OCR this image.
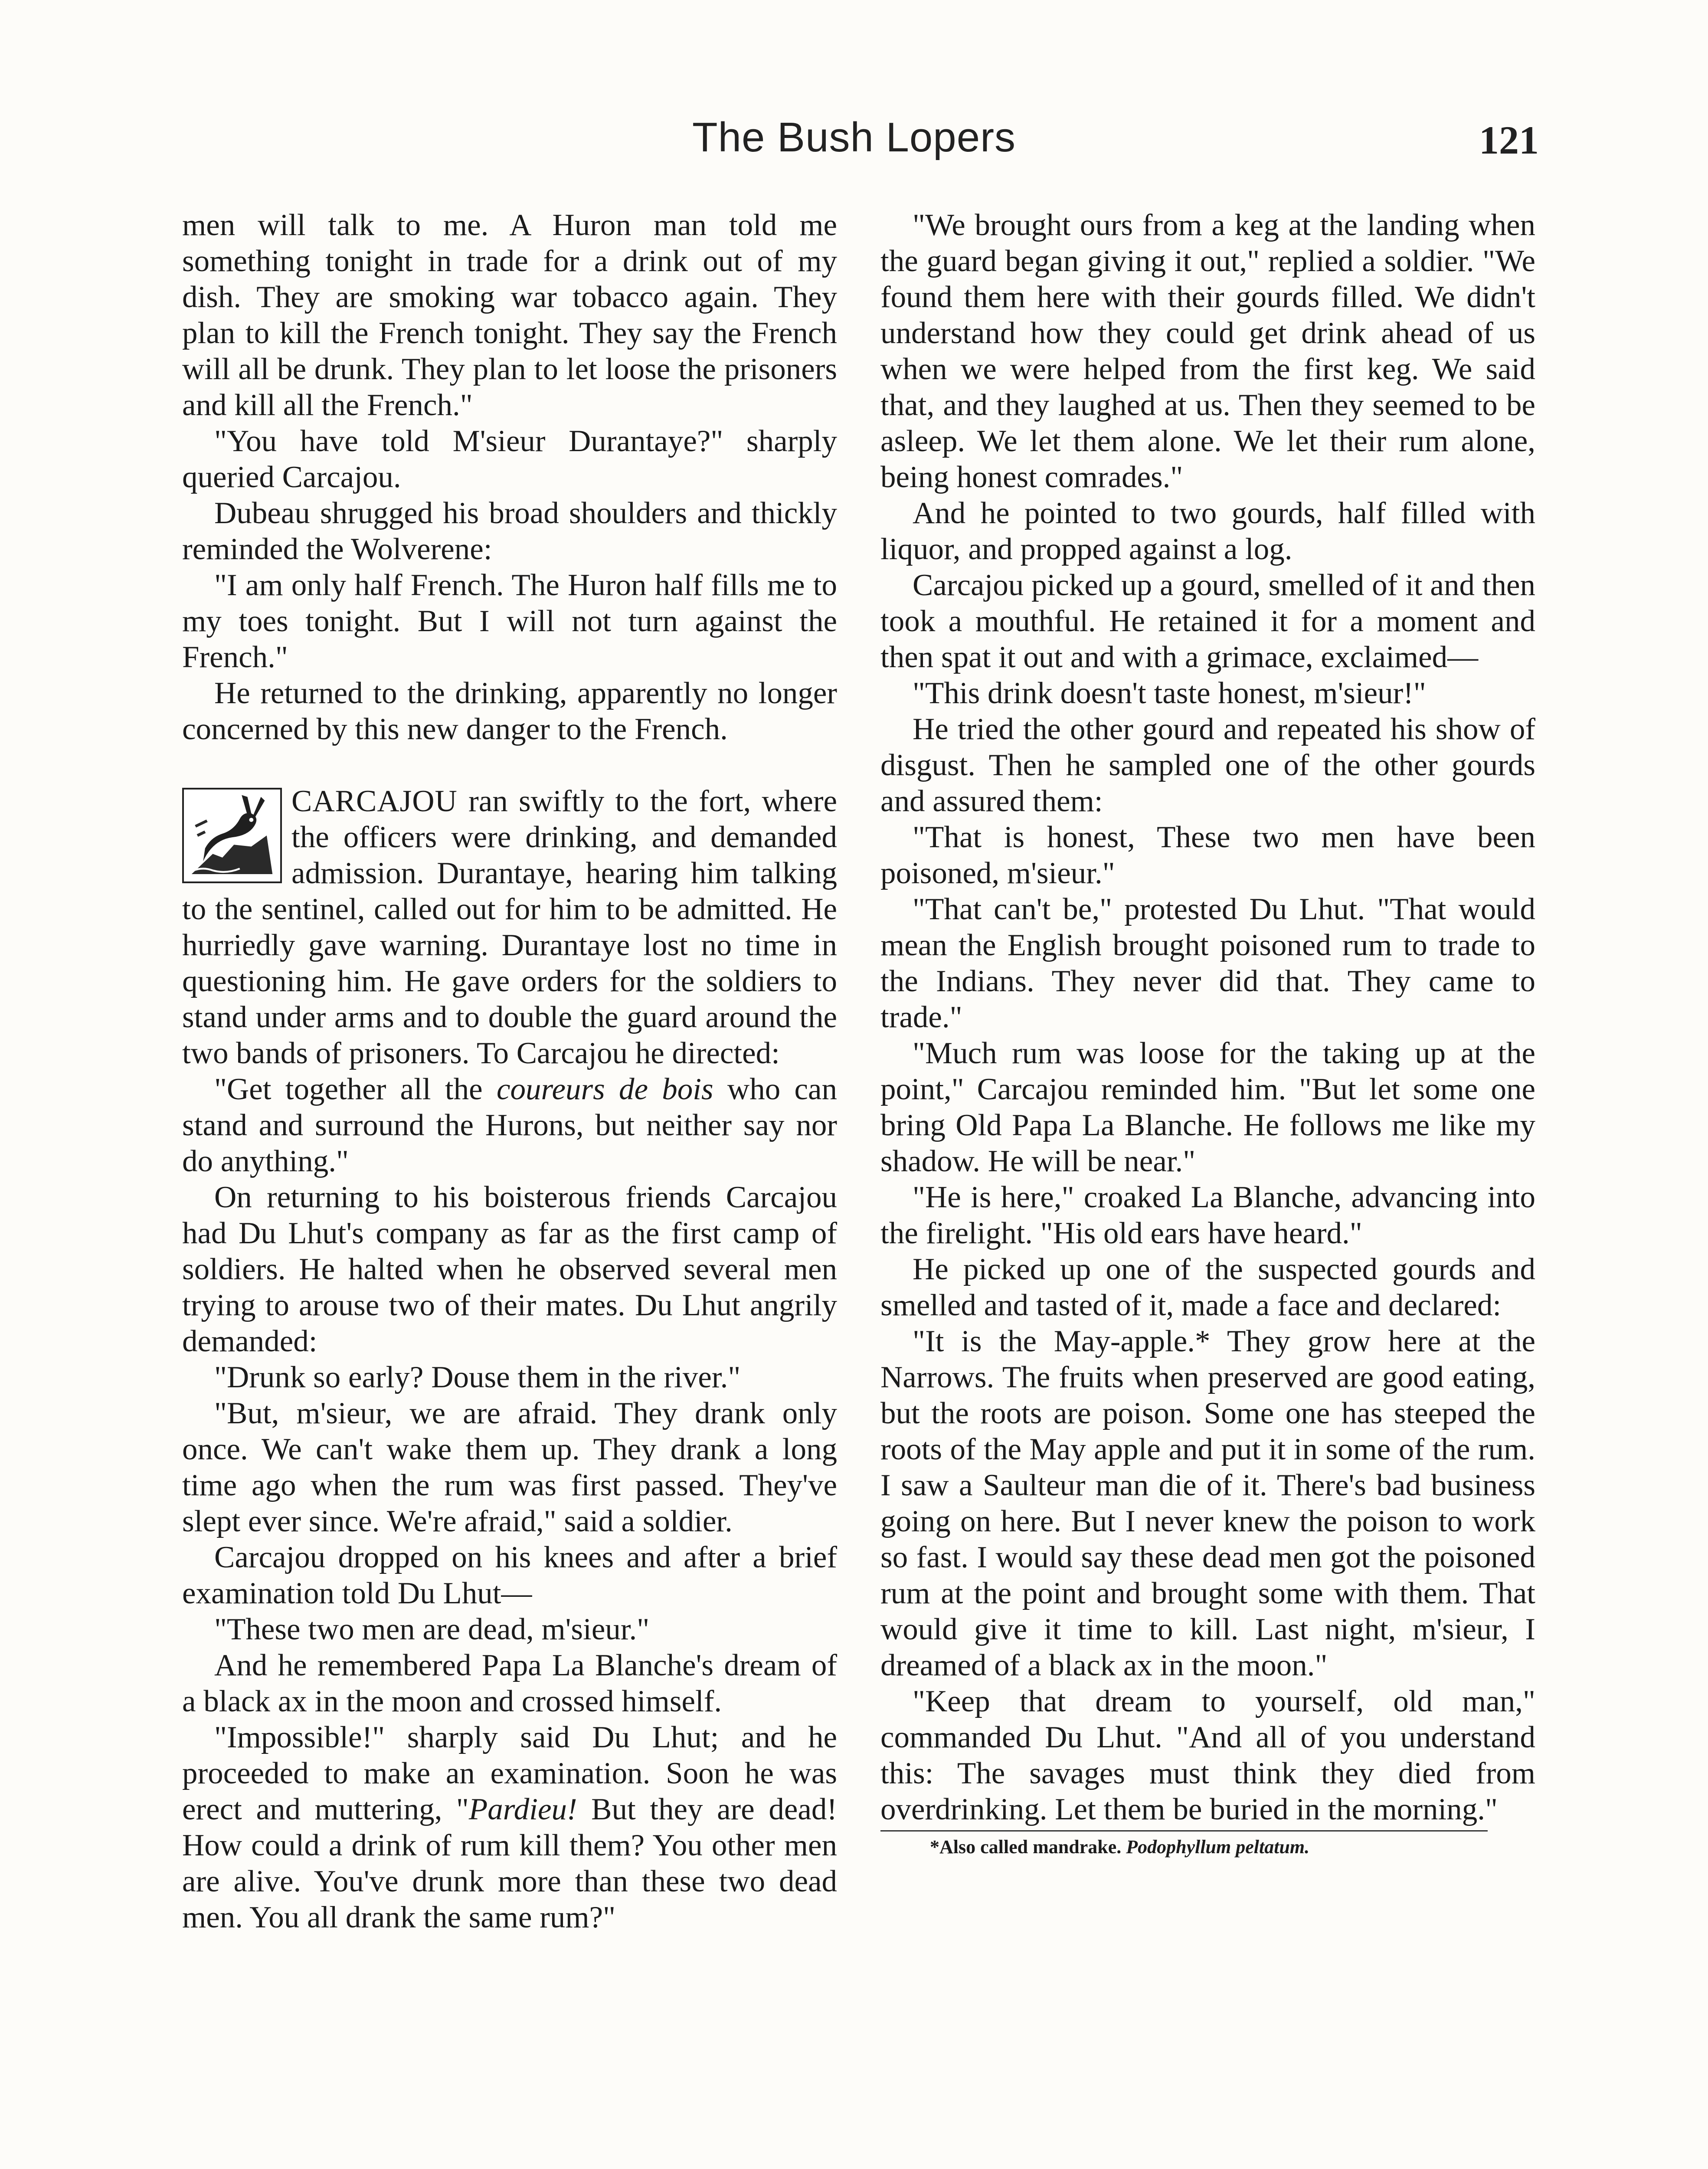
The Bush Lopers	121

men will talk to me. A Huron man told me something tonight in trade for a drink out of my dish. They are smoking war tobacco again. They plan to kill the French tonight. They say the French will all be drunk. They plan to let loose the prisoners and kill all the French."

"You have told M'sieur Durantaye?" sharply queried Carcajou.

Dubeau shrugged his broad shoulders and thickly reminded the Wolverene:

"I am only half French. The Huron half fills me to my toes tonight. But I will not turn against the French."

He returned to the drinking, apparently no longer concerned by this new danger to the French.

CARCAJOU ran swiftly to the fort, where the officers were drinking, and demanded admission. Durantaye, hearing him talking to the sentinel, called out for him to be admitted. He hurriedly gave warning. Durantaye lost no time in questioning him. He gave orders for the soldiers to stand under arms and to double the guard around the two bands of prisoners. To Carcajou he directed:

"Get together all the coureurs de bois who can stand and surround the Hurons, but neither say nor do anything."

On returning to his boisterous friends Carcajou had Du Lhut's company as far as the first camp of soldiers. He halted when he observed several men trying to arouse two of their mates. Du Lhut angrily demanded:

"Drunk so early? Douse them in the river."

"But, m'sieur, we are afraid. They drank only once. We can't wake them up. They drank a long time ago when the rum was first passed. They've slept ever since. We're afraid," said a soldier.

Carcajou dropped on his knees and after a brief examination told Du Lhut—

"These two men are dead, m'sieur."

And he remembered Papa La Blanche's dream of a black ax in the moon and crossed himself.

"Impossible!" sharply said Du Lhut; and he proceeded to make an examination. Soon he was erect and muttering, "Pardieu! But they are dead! How could a drink of rum kill them? You other men are alive. You've drunk more than these two dead men. You all drank the same rum?"

"We brought ours from a keg at the landing when the guard began giving it out," replied a soldier. "We found them here with their gourds filled. We didn't understand how they could get drink ahead of us when we were helped from the first keg. We said that, and they laughed at us. Then they seemed to be asleep. We let them alone. We let their rum alone, being honest comrades."

And he pointed to two gourds, half filled with liquor, and propped against a log.

Carcajou picked up a gourd, smelled of it and then took a mouthful. He retained it for a moment and then spat it out and with a grimace, exclaimed—

"This drink doesn't taste honest, m'sieur!"

He tried the other gourd and repeated his show of disgust. Then he sampled one of the other gourds and assured them:

"That is honest, These two men have been poisoned, m'sieur."

"That can't be," protested Du Lhut. "That would mean the English brought poisoned rum to trade to the Indians. They never did that. They came to trade."

"Much rum was loose for the taking up at the point," Carcajou reminded him. "But let some one bring Old Papa La Blanche. He follows me like my shadow. He will be near."

"He is here," croaked La Blanche, advancing into the firelight. "His old ears have heard."

He picked up one of the suspected gourds and smelled and tasted of it, made a face and declared:

"It is the May-apple.* They grow here at the Narrows. The fruits when preserved are good eating, but the roots are poison. Some one has steeped the roots of the May apple and put it in some of the rum. I saw a Saulteur man die of it. There's bad business going on here. But I never knew the poison to work so fast. I would say these dead men got the poisoned rum at the point and brought some with them. That would give it time to kill. Last night, m'sieur, I dreamed of a black ax in the moon."

"Keep that dream to yourself, old man," commanded Du Lhut. "And all of you understand this: The savages must think they died from overdrinking. Let them be buried in the morning."

*Also called mandrake. Podophyllum peltatum.
